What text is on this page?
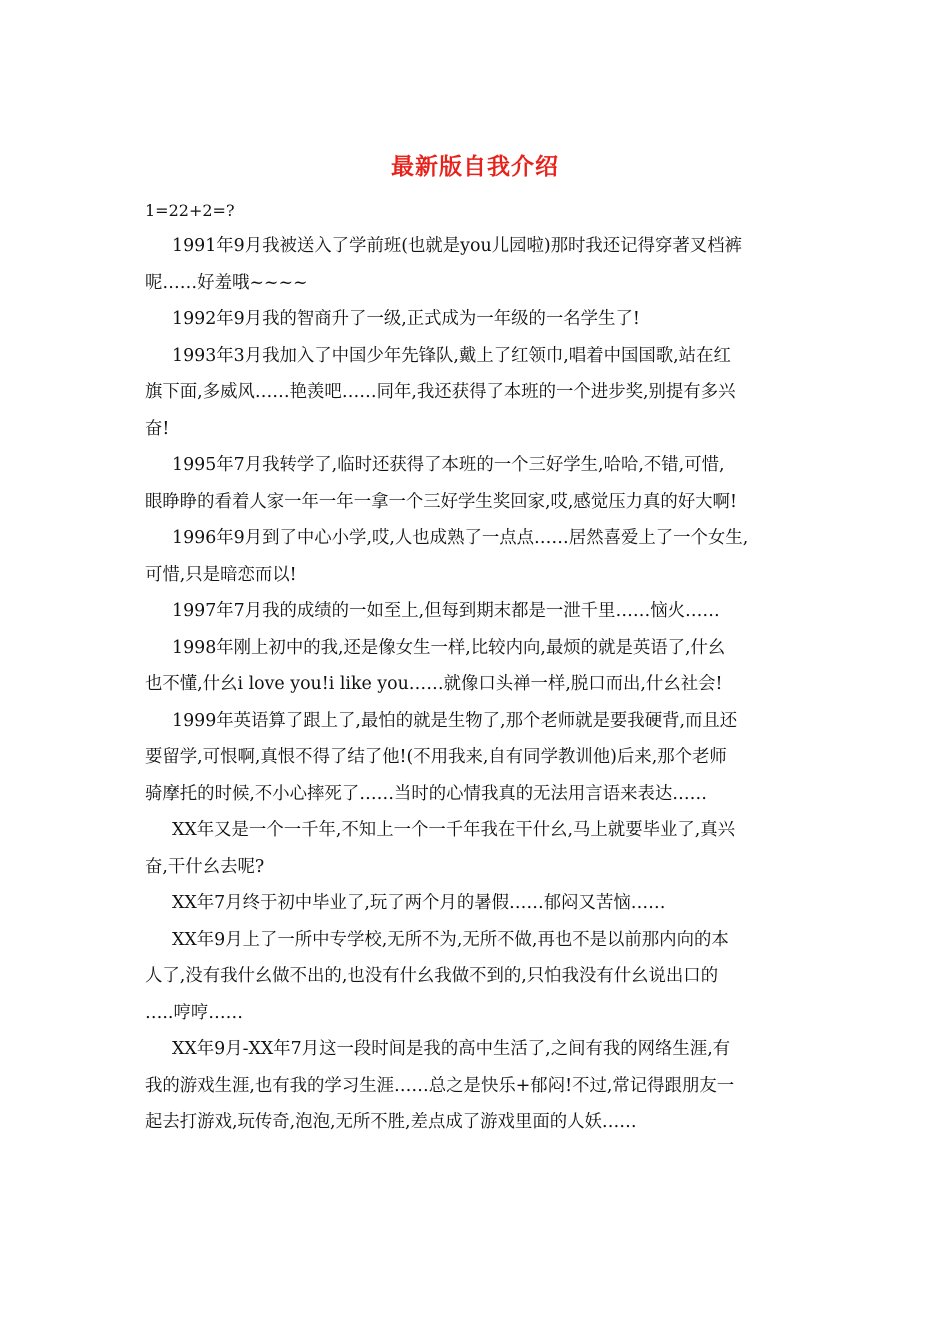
最新版自我介绍

1=22+2=?

1991年9月我被送入了学前班(也就是you儿园啦)那时我还记得穿著叉档裤

呢……好羞哦~~~~

1992年9月我的智商升了一级,正式成为一年级的一名学生了!

1993年3月我加入了中国少年先锋队,戴上了红领巾,唱着中国国歌,站在红

旗下面,多威风……艳羡吧……同年,我还获得了本班的一个进步奖,别提有多兴

奋!

1995年7月我转学了,临时还获得了本班的一个三好学生,哈哈,不错,可惜,

眼睁睁的看着人家一年一年一拿一个三好学生奖回家,哎,感觉压力真的好大啊!

1996年9月到了中心小学,哎,人也成熟了一点点……居然喜爱上了一个女生,

可惜,只是暗恋而以!

1997年7月我的成绩的一如至上,但每到期末都是一泄千里……恼火……

1998年刚上初中的我,还是像女生一样,比较内向,最烦的就是英语了,什幺

也不懂,什幺i love you!i like you……就像口头禅一样,脱口而出,什幺社会!

1999年英语算了跟上了,最怕的就是生物了,那个老师就是要我硬背,而且还

要留学,可恨啊,真恨不得了结了他!(不用我来,自有同学教训他)后来,那个老师

骑摩托的时候,不小心摔死了……当时的心情我真的无法用言语来表达……

XX年又是一个一千年,不知上一个一千年我在干什幺,马上就要毕业了,真兴

奋,干什幺去呢?

XX年7月终于初中毕业了,玩了两个月的暑假……郁闷又苦恼……

XX年9月上了一所中专学校,无所不为,无所不做,再也不是以前那内向的本

人了,没有我什幺做不出的,也没有什幺我做不到的,只怕我没有什幺说出口的

…..哼哼……

XX年9月-XX年7月这一段时间是我的高中生活了,之间有我的网络生涯,有

我的游戏生涯,也有我的学习生涯……总之是快乐+郁闷!不过,常记得跟朋友一

起去打游戏,玩传奇,泡泡,无所不胜,差点成了游戏里面的人妖……
